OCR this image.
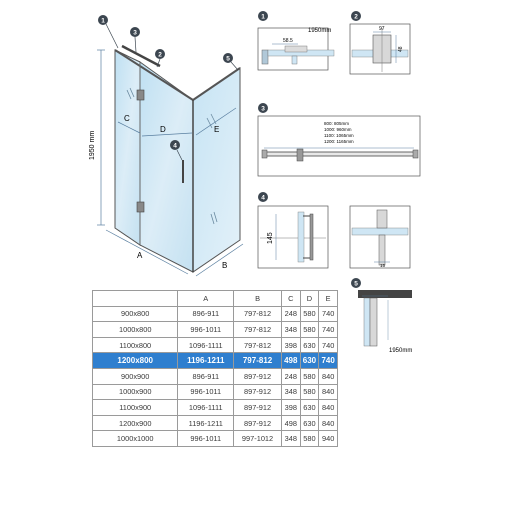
C
D	E
1950 mm
A
B
1
3
2
5
4
1
58.5
1950mm
2
97
48
3
800: 805mm
1000: 960mm
1100: 1065mm
1200: 1165mm
4
145
15
5
1950mm
	A	B	C	D	E
900x800	896-911	797-812	248	580	740
1000x800	996-1011	797-812	348	580	740
1100x800	1096-1111	797-812	398	630	740
1200x800	1196-1211	797-812	498	630	740
900x900	896-911	897-912	248	580	840
1000x900	996-1011	897-912	348	580	840
1100x900	1096-1111	897-912	398	630	840
1200x900	1196-1211	897-912	498	630	840
1000x1000	996-1011	997-1012	348	580	940
